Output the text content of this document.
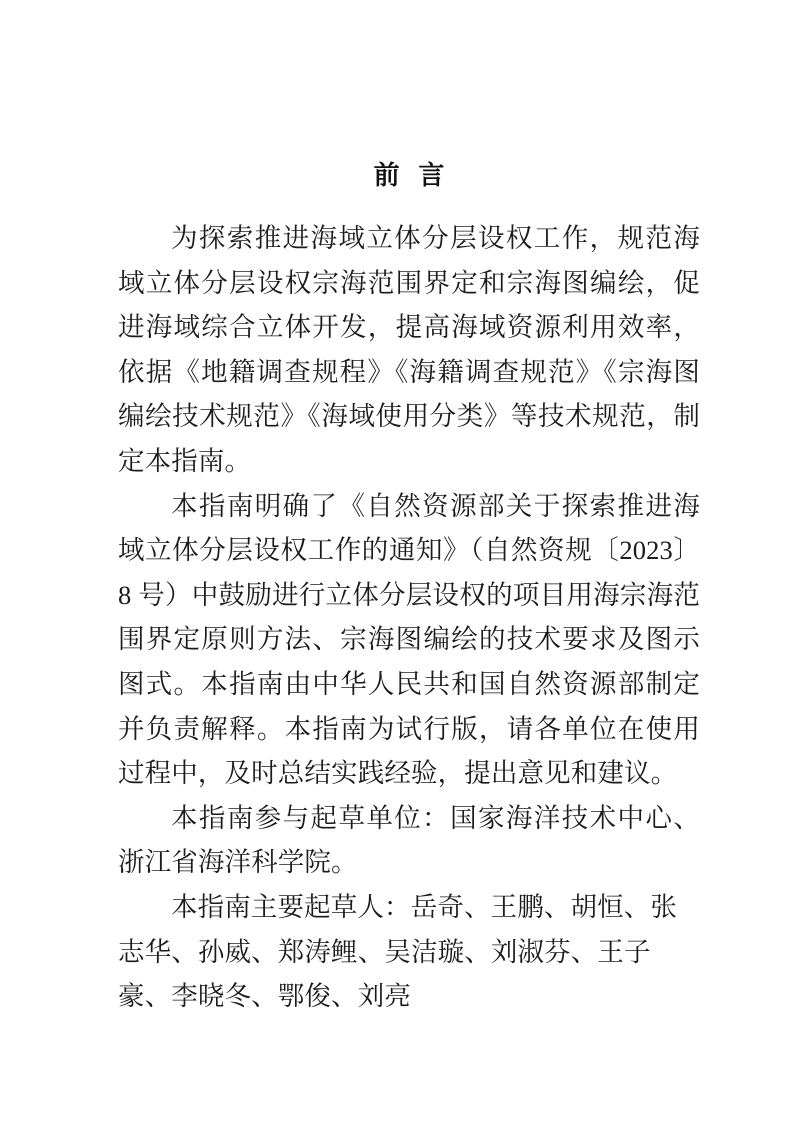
前 言

为探索推进海域立体分层设权工作，规范海域立体分层设权宗海范围界定和宗海图编绘，促进海域综合立体开发，提高海域资源利用效率，依据《地籍调查规程》《海籍调查规范》《宗海图编绘技术规范》《海域使用分类》等技术规范，制定本指南。

本指南明确了《自然资源部关于探索推进海域立体分层设权工作的通知》（自然资规〔2023〕8 号）中鼓励进行立体分层设权的项目用海宗海范围界定原则方法、宗海图编绘的技术要求及图示图式。本指南由中华人民共和国自然资源部制定并负责解释。本指南为试行版，请各单位在使用过程中，及时总结实践经验，提出意见和建议。

本指南参与起草单位：国家海洋技术中心、浙江省海洋科学院。

本指南主要起草人：岳奇、王鹏、胡恒、张志华、孙威、郑涛鲤、吴洁璇、刘淑芬、王子豪、李晓冬、鄂俊、刘亮
